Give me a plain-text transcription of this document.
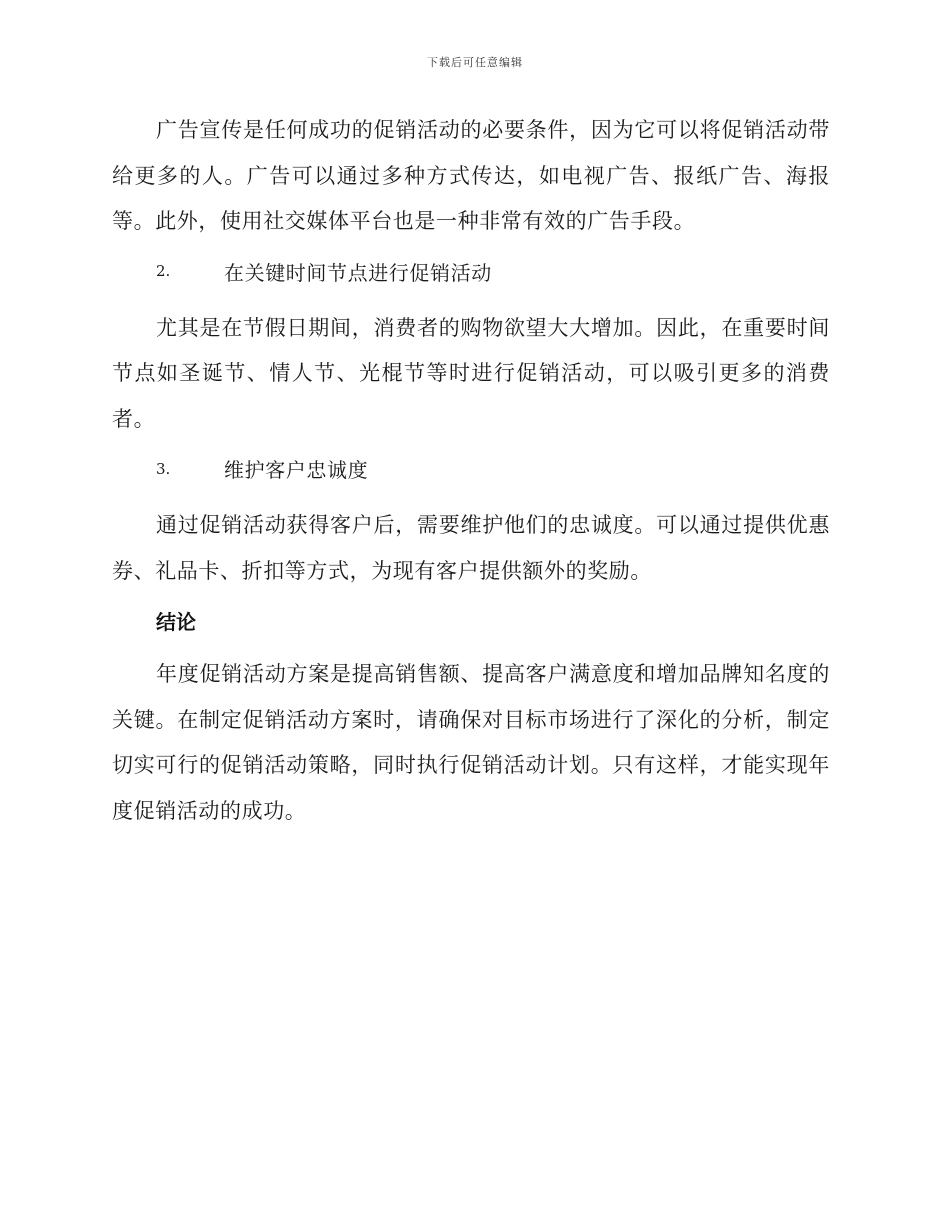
下载后可任意编辑

广告宣传是任何成功的促销活动的必要条件，因为它可以将促销活动带给更多的人。广告可以通过多种方式传达，如电视广告、报纸广告、海报等。此外，使用社交媒体平台也是一种非常有效的广告手段。

2.	在关键时间节点进行促销活动

尤其是在节假日期间，消费者的购物欲望大大增加。因此，在重要时间节点如圣诞节、情人节、光棍节等时进行促销活动，可以吸引更多的消费者。

3.	维护客户忠诚度

通过促销活动获得客户后，需要维护他们的忠诚度。可以通过提供优惠券、礼品卡、折扣等方式，为现有客户提供额外的奖励。

结论

年度促销活动方案是提高销售额、提高客户满意度和增加品牌知名度的关键。在制定促销活动方案时，请确保对目标市场进行了深化的分析，制定切实可行的促销活动策略，同时执行促销活动计划。只有这样，才能实现年度促销活动的成功。
